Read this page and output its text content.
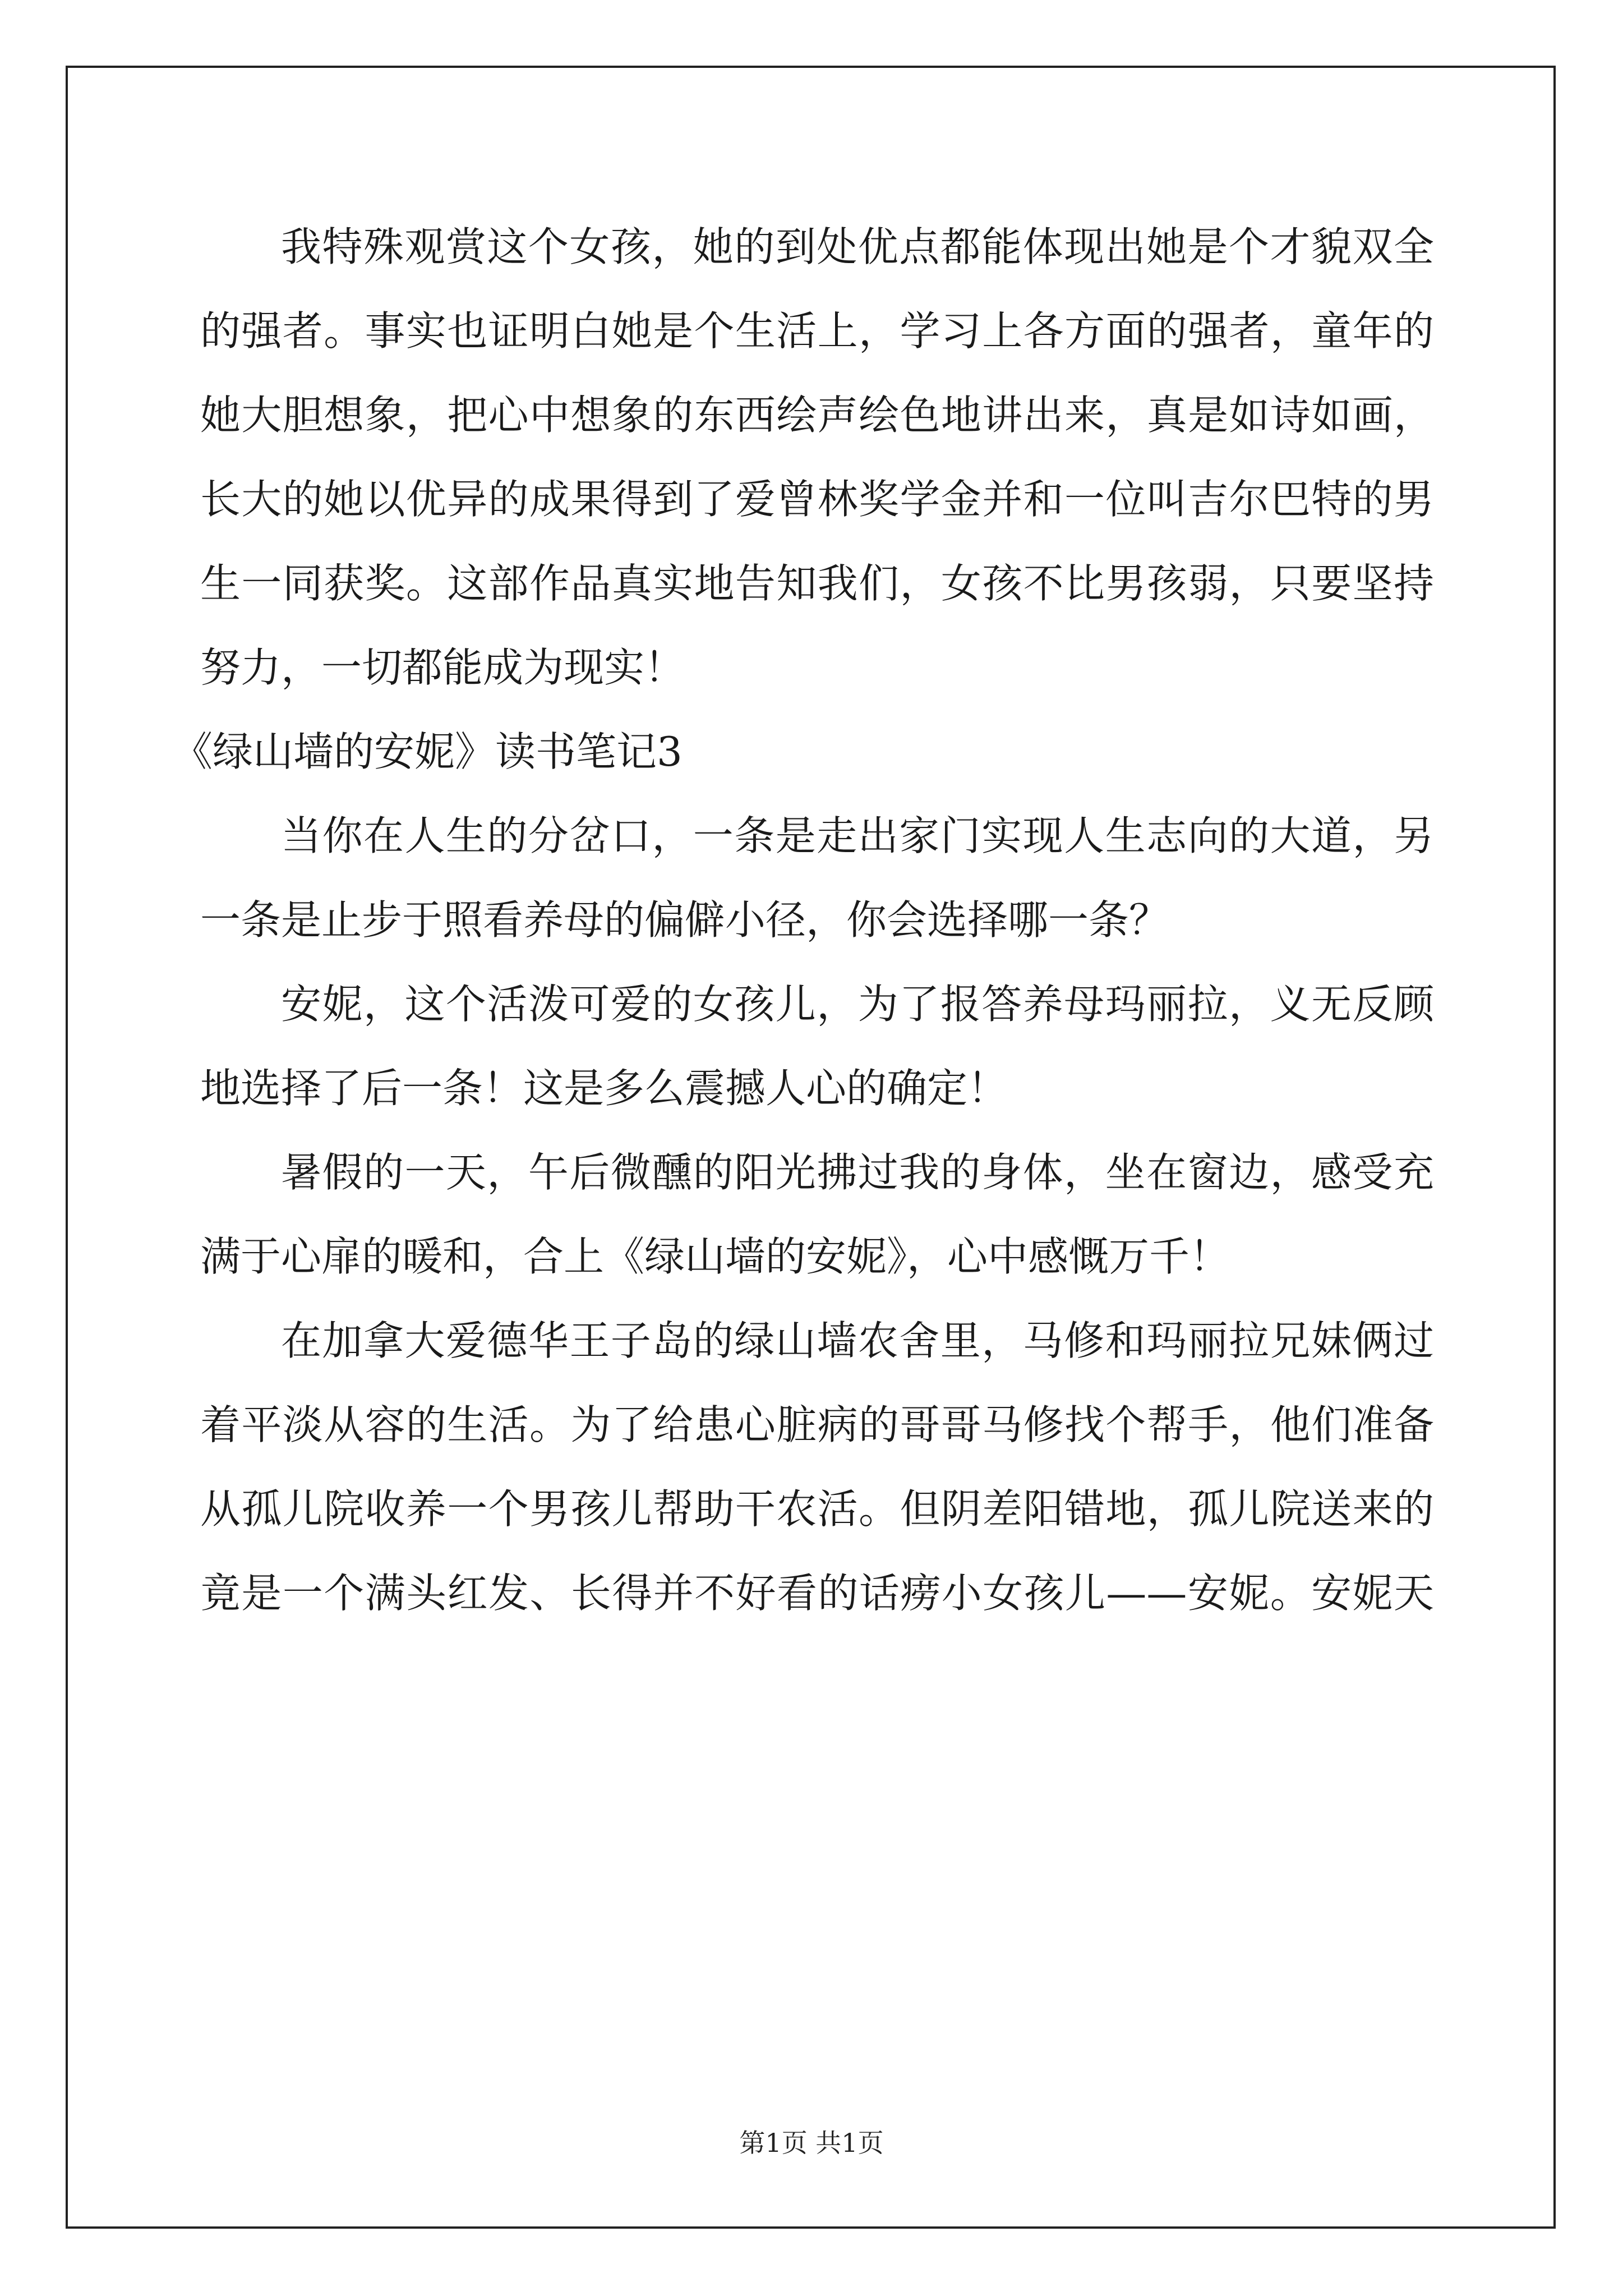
我特殊观赏这个女孩，她的到处优点都能体现出她是个才貌双全
的强者。事实也证明白她是个生活上，学习上各方面的强者，童年的
她大胆想象，把心中想象的东西绘声绘色地讲出来，真是如诗如画，
长大的她以优异的成果得到了爱曾林奖学金并和一位叫吉尔巴特的男
生一同获奖。这部作品真实地告知我们，女孩不比男孩弱，只要坚持
努力，一切都能成为现实！
《绿山墙的安妮》读书笔记3
当你在人生的分岔口，一条是走出家门实现人生志向的大道，另
一条是止步于照看养母的偏僻小径，你会选择哪一条？
安妮，这个活泼可爱的女孩儿，为了报答养母玛丽拉，义无反顾
地选择了后一条！这是多么震撼人心的确定！
暑假的一天，午后微醺的阳光拂过我的身体，坐在窗边，感受充
满于心扉的暖和，合上《绿山墙的安妮》，心中感慨万千！
在加拿大爱德华王子岛的绿山墙农舍里，马修和玛丽拉兄妹俩过
着平淡从容的生活。为了给患心脏病的哥哥马修找个帮手，他们准备
从孤儿院收养一个男孩儿帮助干农活。但阴差阳错地，孤儿院送来的
竟是一个满头红发、长得并不好看的话痨小女孩儿——安妮。安妮天
第1页 共1页
